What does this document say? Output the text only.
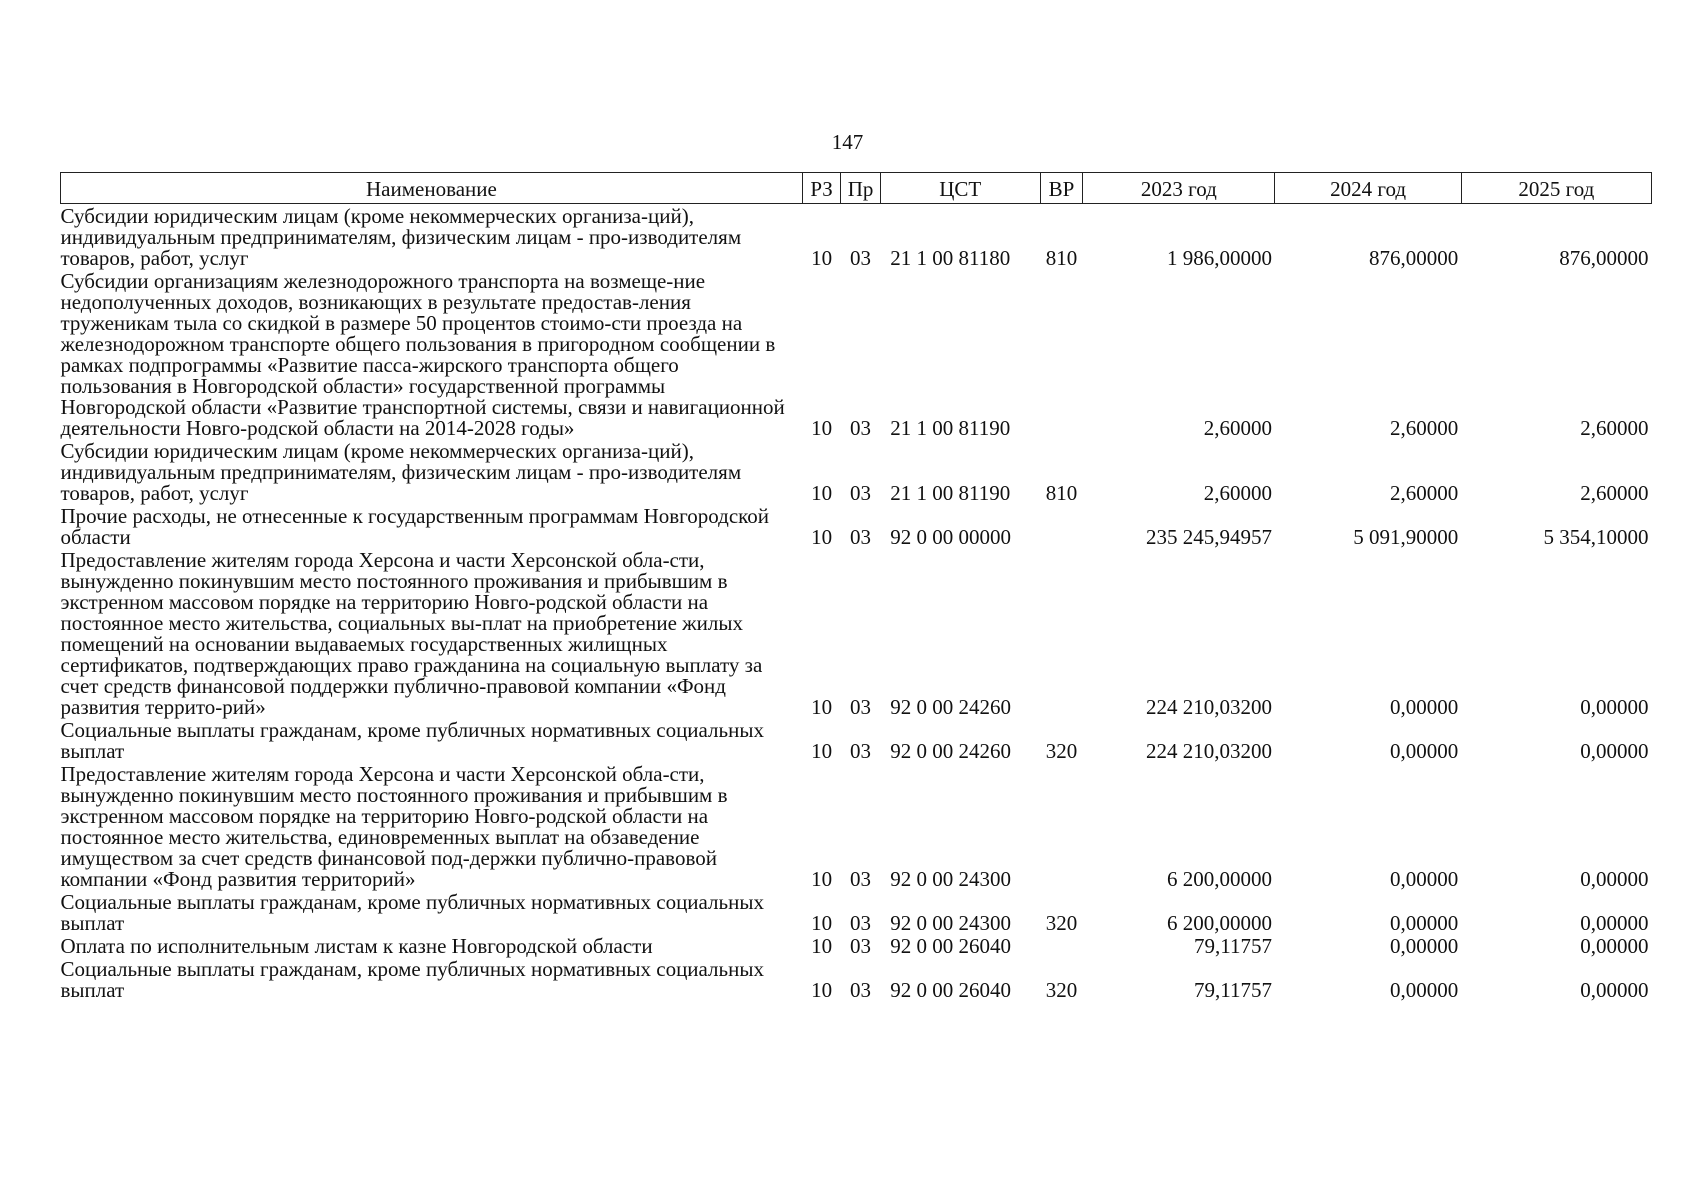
147
Наименование	РЗ	Пр	ЦСТ	ВР	2023 год	2024 год	2025 год
Субсидии юридическим лицам (кроме некоммерческих организа-ций), индивидуальным предпринимателям, физическим лицам - про-изводителям товаров, работ, услуг	10	03	21 1 00 81180	810	1 986,00000	876,00000	876,00000
Субсидии организациям железнодорожного транспорта на возмеще-ние недополученных доходов, возникающих в результате предостав-ления труженикам тыла со скидкой в размере 50 процентов стоимо-сти проезда на железнодорожном транспорте общего пользования в пригородном сообщении в рамках подпрограммы «Развитие пасса-жирского транспорта общего пользования в Новгородской области» государственной программы Новгородской области «Развитие транспортной системы, связи и навигационной деятельности Новго-родской области на 2014-2028 годы»	10	03	21 1 00 81190		2,60000	2,60000	2,60000
Субсидии юридическим лицам (кроме некоммерческих организа-ций), индивидуальным предпринимателям, физическим лицам - про-изводителям товаров, работ, услуг	10	03	21 1 00 81190	810	2,60000	2,60000	2,60000
Прочие расходы, не отнесенные к государственным программам Новгородской области	10	03	92 0 00 00000		235 245,94957	5 091,90000	5 354,10000
Предоставление жителям города Херсона и части Херсонской обла-сти, вынужденно покинувшим место постоянного проживания и прибывшим в экстренном массовом порядке на территорию Новго-родской области на постоянное место жительства, социальных вы-плат на приобретение жилых помещений на основании выдаваемых государственных жилищных сертификатов, подтверждающих право гражданина на социальную выплату за счет средств финансовой поддержки публично-правовой компании «Фонд развития террито-рий»	10	03	92 0 00 24260		224 210,03200	0,00000	0,00000
Социальные выплаты гражданам, кроме публичных нормативных социальных выплат	10	03	92 0 00 24260	320	224 210,03200	0,00000	0,00000
Предоставление жителям города Херсона и части Херсонской обла-сти, вынужденно покинувшим место постоянного проживания и прибывшим в экстренном массовом порядке на территорию Новго-родской области на постоянное место жительства, единовременных выплат на обзаведение имуществом за счет средств финансовой под-держки публично-правовой компании «Фонд развития территорий»	10	03	92 0 00 24300		6 200,00000	0,00000	0,00000
Социальные выплаты гражданам, кроме публичных нормативных социальных выплат	10	03	92 0 00 24300	320	6 200,00000	0,00000	0,00000
Оплата по исполнительным листам к казне Новгородской области	10	03	92 0 00 26040		79,11757	0,00000	0,00000
Социальные выплаты гражданам, кроме публичных нормативных социальных выплат	10	03	92 0 00 26040	320	79,11757	0,00000	0,00000
